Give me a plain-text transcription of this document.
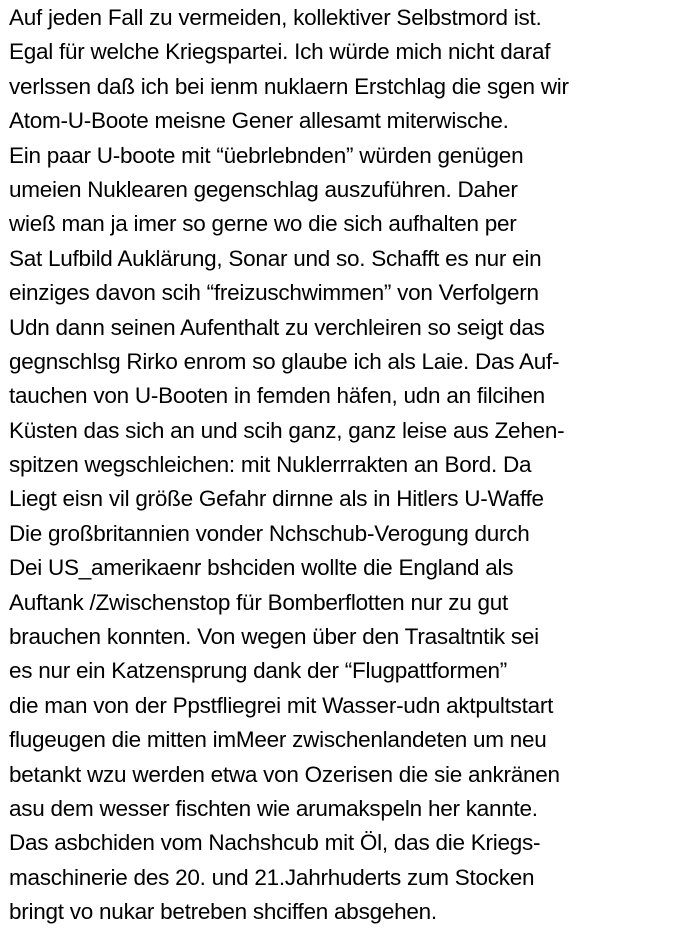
Auf jeden Fall zu vermeiden, kollektiver Selbstmord ist.
Egal für welche Kriegspartei. Ich würde mich nicht daraf
verlssen daß ich bei ienm nuklaern Erstchlag die sgen wir
Atom-U-Boote meisne Gener allesamt miterwische.
Ein paar U-boote mit “üebrlebnden” würden genügen
umeien Nuklearen gegenschlag auszuführen. Daher
wieß man ja imer so gerne wo die sich aufhalten per
Sat Lufbild Auklärung, Sonar und so. Schafft es nur ein
einziges davon scih “freizuschwimmen” von Verfolgern
Udn dann seinen Aufenthalt zu verchleiren so seigt das
gegnschlsg Rirko enrom so glaube ich als Laie. Das Auf-
tauchen von U-Booten in femden häfen, udn an filcihen
Küsten das sich an und scih ganz, ganz leise aus Zehen-
spitzen wegschleichen: mit Nuklerrrakten an Bord. Da
Liegt eisn vil größe Gefahr dirnne als in Hitlers U-Waffe
Die großbritannien vonder Nchschub-Verogung durch
Dei US_amerikaenr bshciden wollte die England als
Auftank /Zwischenstop für Bomberflotten nur zu gut
brauchen konnten. Von wegen über den Trasaltntik sei
es nur ein Katzensprung dank der “Flugpattformen”
die man von der Ppstfliegrei mit Wasser-udn aktpultstart
flugeugen die mitten imMeer zwischenlandeten um neu
betankt wzu werden etwa von Ozerisen die sie ankränen
asu dem wesser fischten wie arumakspeln her kannte.
Das asbchiden vom Nachshcub mit Öl, das die Kriegs-
maschinerie des 20. und 21.Jahrhuderts zum Stocken
bringt vo nukar betreben shciffen absgehen.
